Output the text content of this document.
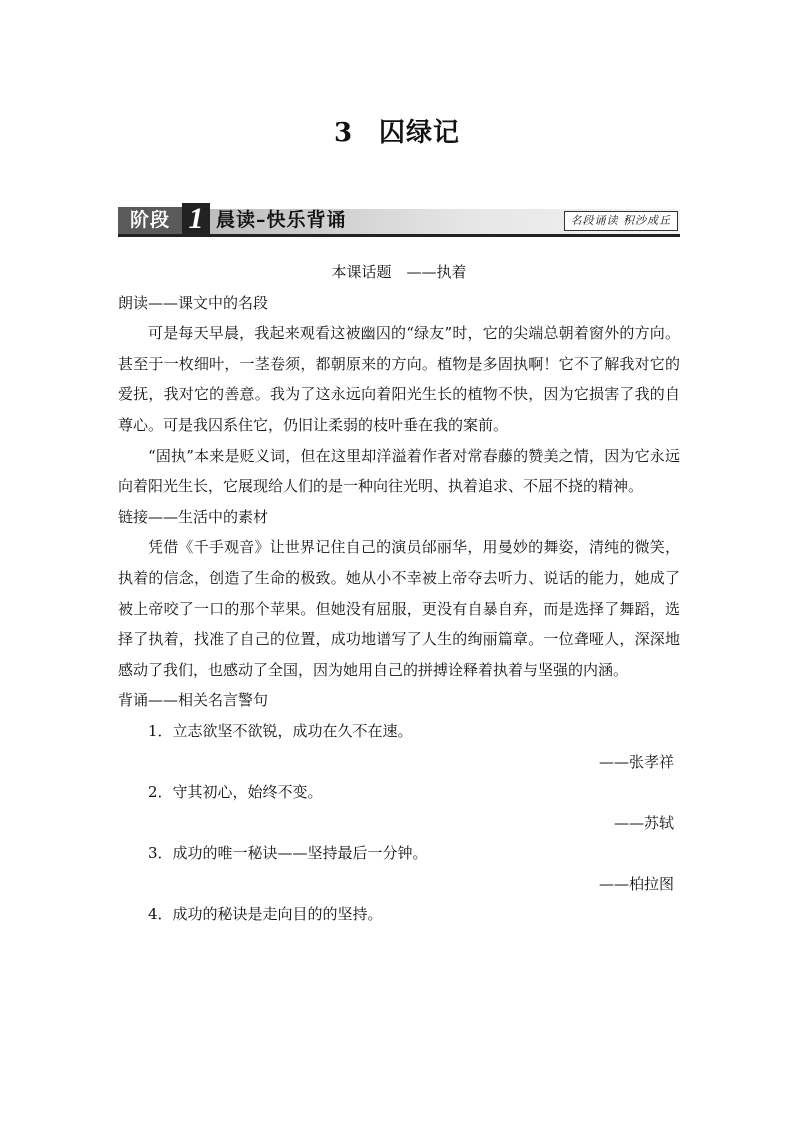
3 囚绿记
阶段 1 晨读–快乐背诵	名段诵读 积沙成丘

本课话题　——执着

朗读——课文中的名段

可是每天早晨，我起来观看这被幽囚的“绿友”时，它的尖端总朝着窗外的方向。甚至于一枚细叶，一茎卷须，都朝原来的方向。植物是多固执啊！它不了解我对它的爱抚，我对它的善意。我为了这永远向着阳光生长的植物不快，因为它损害了我的自尊心。可是我囚系住它，仍旧让柔弱的枝叶垂在我的案前。

“固执”本来是贬义词，但在这里却洋溢着作者对常春藤的赞美之情，因为它永远向着阳光生长，它展现给人们的是一种向往光明、执着追求、不屈不挠的精神。

链接——生活中的素材

凭借《千手观音》让世界记住自己的演员邰丽华，用曼妙的舞姿，清纯的微笑，执着的信念，创造了生命的极致。她从小不幸被上帝夺去听力、说话的能力，她成了被上帝咬了一口的那个苹果。但她没有屈服，更没有自暴自弃，而是选择了舞蹈，选择了执着，找准了自己的位置，成功地谱写了人生的绚丽篇章。一位聋哑人，深深地感动了我们，也感动了全国，因为她用自己的拼搏诠释着执着与坚强的内涵。

背诵——相关名言警句

1．立志欲坚不欲锐，成功在久不在速。

——张孝祥

2．守其初心，始终不变。

——苏轼

3．成功的唯一秘诀——坚持最后一分钟。

——柏拉图

4．成功的秘诀是走向目的的坚持。
